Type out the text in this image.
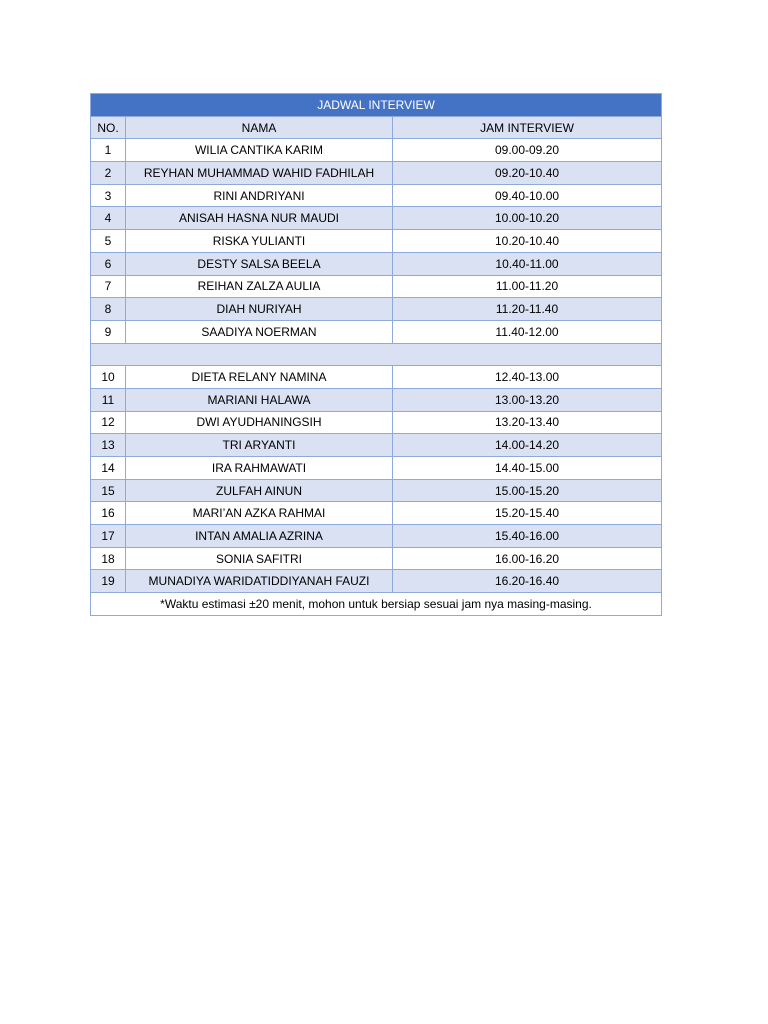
JADWAL INTERVIEW		
NO.	NAMA	JAM INTERVIEW
1	WILIA CANTIKA KARIM	09.00-09.20
2	REYHAN MUHAMMAD WAHID FADHILAH	09.20-10.40
3	RINI ANDRIYANI	09.40-10.00
4	ANISAH HASNA NUR MAUDI	10.00-10.20
5	RISKA YULIANTI	10.20-10.40
6	DESTY SALSA BEELA	10.40-11.00
7	REIHAN ZALZA AULIA	11.00-11.20
8	DIAH NURIYAH	11.20-11.40
9	SAADIYA NOERMAN	11.40-12.00

10	DIETA RELANY NAMINA	12.40-13.00
11	MARIANI HALAWA	13.00-13.20
12	DWI AYUDHANINGSIH	13.20-13.40
13	TRI ARYANTI	14.00-14.20
14	IRA RAHMAWATI	14.40-15.00
15	ZULFAH AINUN	15.00-15.20
16	MARI’AN AZKA RAHMAI	15.20-15.40
17	INTAN AMALIA AZRINA	15.40-16.00
18	SONIA SAFITRI	16.00-16.20
19	MUNADIYA WARIDATIDDIYANAH FAUZI	16.20-16.40
*Waktu estimasi ±20 menit, mohon untuk bersiap sesuai jam nya masing-masing.		
